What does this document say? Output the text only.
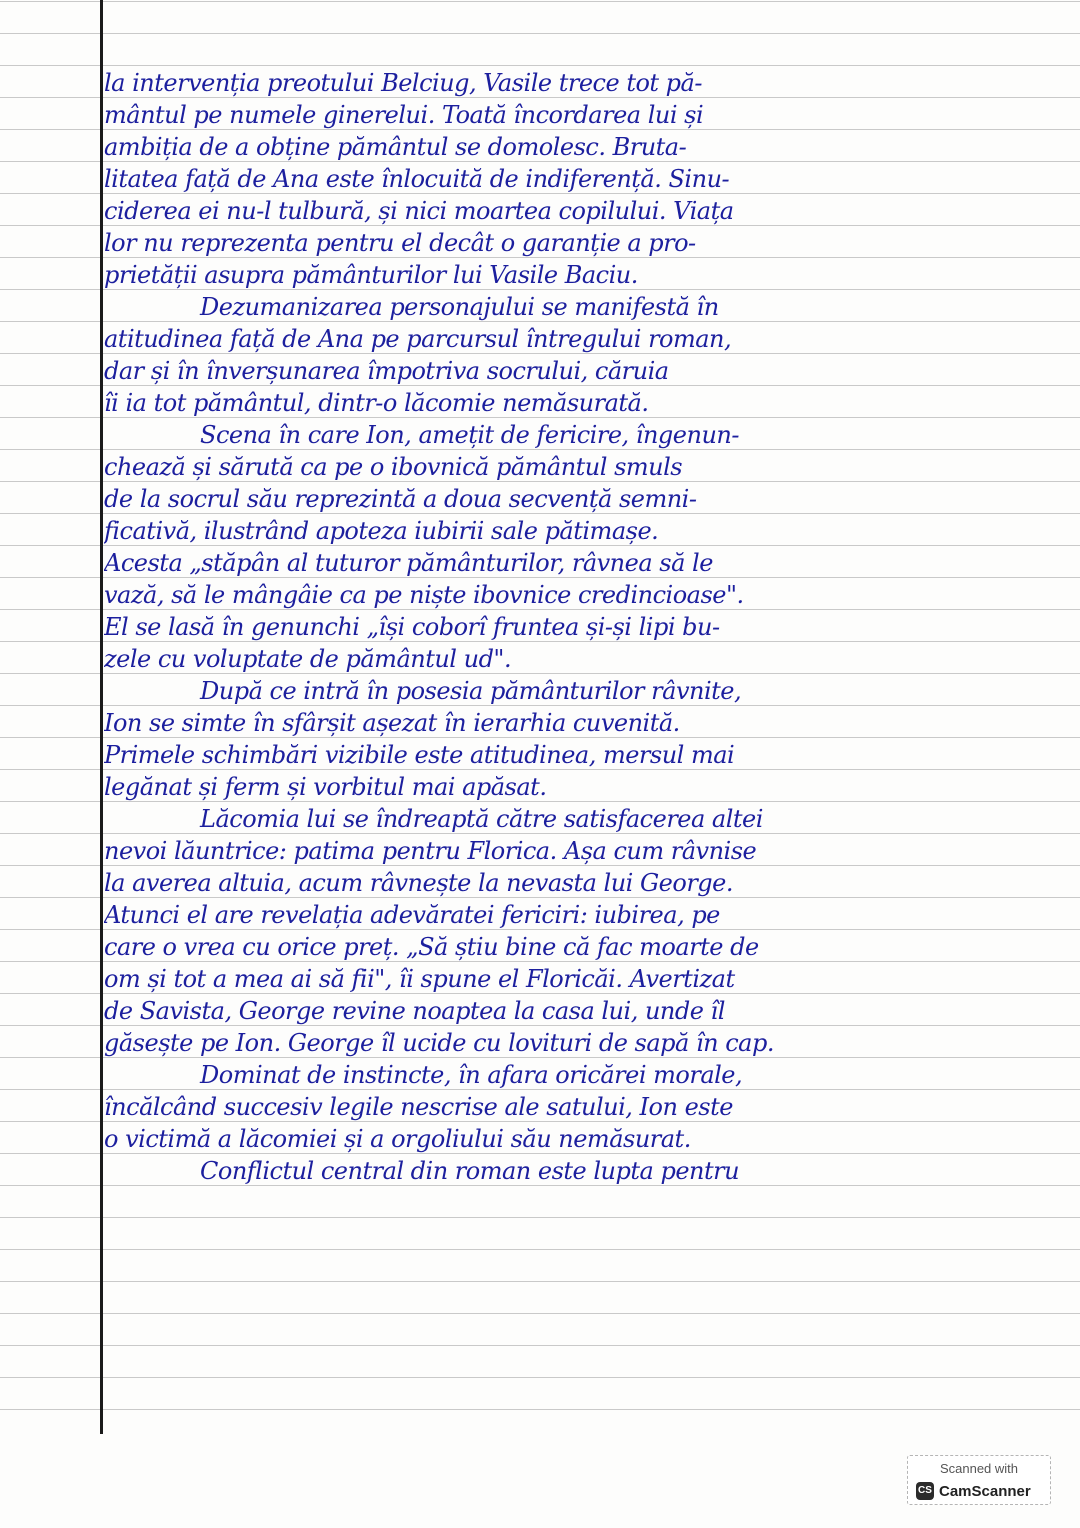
la intervenția preotului Belciug, Vasile trece tot pă-
mântul pe numele ginerelui. Toată încordarea lui și
ambiția de a obține pământul se domolesc. Bruta-
litatea față de Ana este înlocuită de indiferență. Sinu-
ciderea ei nu-l tulbură, și nici moartea copilului. Viața
lor nu reprezenta pentru el decât o garanție a pro-
prietății asupra pământurilor lui Vasile Baciu.
Dezumanizarea personajului se manifestă în
atitudinea față de Ana pe parcursul întregului roman,
dar și în înverșunarea împotriva socrului, căruia
îi ia tot pământul, dintr-o lăcomie nemăsurată.
Scena în care Ion, amețit de fericire, îngenun-
chează și sărută ca pe o ibovnică pământul smuls
de la socrul său reprezintă a doua secvență semni-
ficativă, ilustrând apoteza iubirii sale pătimașe.
Acesta „stăpân al tuturor pământurilor, râvnea să le
vază, să le mângâie ca pe niște ibovnice credincioase".
El se lasă în genunchi „își coborî fruntea și-și lipi bu-
zele cu voluptate de pământul ud".
După ce intră în posesia pământurilor râvnite,
Ion se simte în sfârșit așezat în ierarhia cuvenită.
Primele schimbări vizibile este atitudinea, mersul mai
legănat și ferm și vorbitul mai apăsat.
Lăcomia lui se îndreaptă către satisfacerea altei
nevoi lăuntrice: patima pentru Florica. Așa cum râvnise
la averea altuia, acum râvnește la nevasta lui George.
Atunci el are revelația adevăratei fericiri: iubirea, pe
care o vrea cu orice preț. „Să știu bine că fac moarte de
om și tot a mea ai să fii", îi spune el Floricăi. Avertizat
de Savista, George revine noaptea la casa lui, unde îl
găsește pe Ion. George îl ucide cu lovituri de sapă în cap.
Dominat de instincte, în afara oricărei morale,
încălcând succesiv legile nescrise ale satului, Ion este
o victimă a lăcomiei și a orgoliului său nemăsurat.
Conflictul central din roman este lupta pentru
Scanned with
CS CamScanner
